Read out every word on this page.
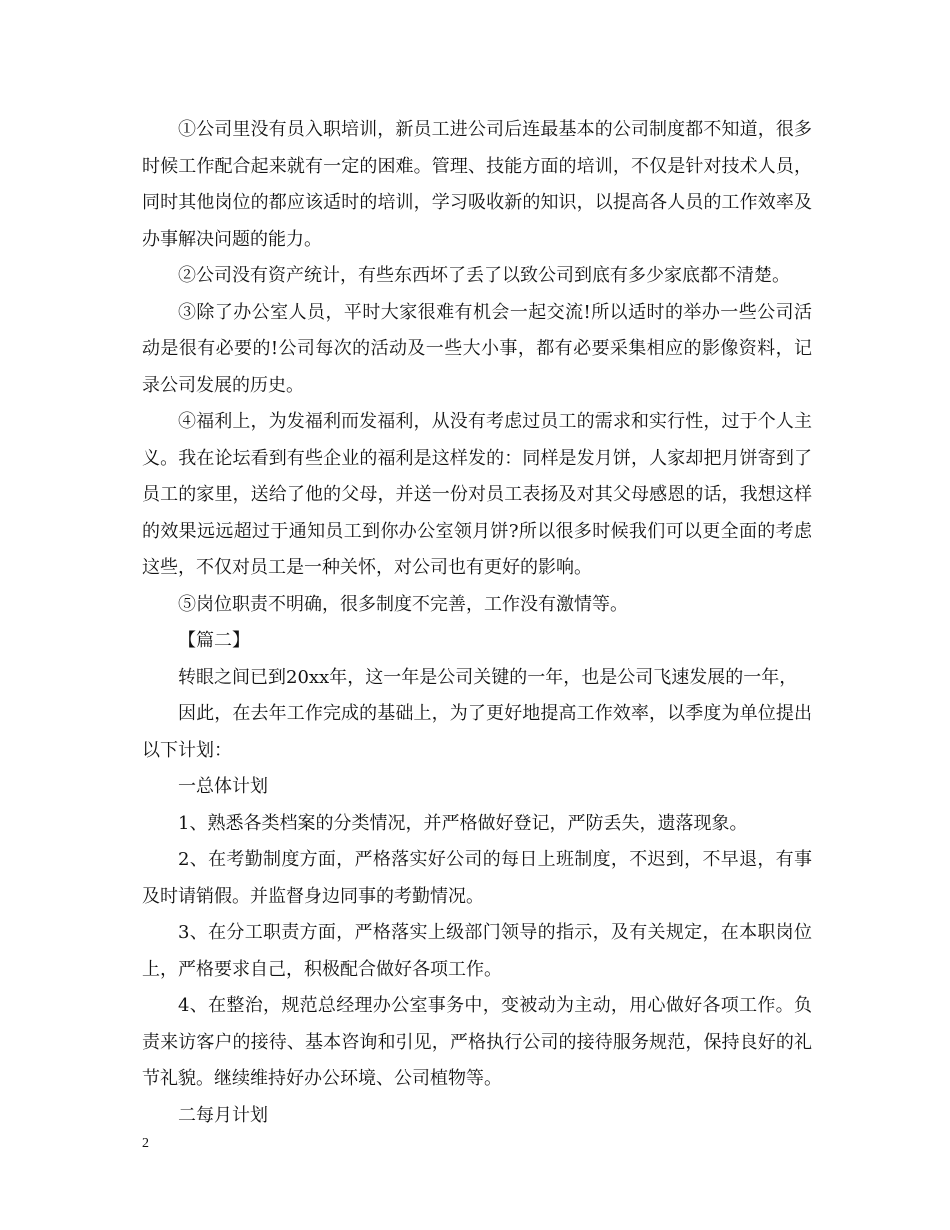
①公司里没有员入职培训，新员工进公司后连最基本的公司制度都不知道，很多时候工作配合起来就有一定的困难。管理、技能方面的培训，不仅是针对技术人员，同时其他岗位的都应该适时的培训，学习吸收新的知识，以提高各人员的工作效率及办事解决问题的能力。

②公司没有资产统计，有些东西坏了丢了以致公司到底有多少家底都不清楚。

③除了办公室人员，平时大家很难有机会一起交流!所以适时的举办一些公司活动是很有必要的!公司每次的活动及一些大小事，都有必要采集相应的影像资料，记录公司发展的历史。

④福利上，为发福利而发福利，从没有考虑过员工的需求和实行性，过于个人主义。我在论坛看到有些企业的福利是这样发的：同样是发月饼，人家却把月饼寄到了员工的家里，送给了他的父母，并送一份对员工表扬及对其父母感恩的话，我想这样的效果远远超过于通知员工到你办公室领月饼?所以很多时候我们可以更全面的考虑这些，不仅对员工是一种关怀，对公司也有更好的影响。

⑤岗位职责不明确，很多制度不完善，工作没有激情等。

【篇二】

转眼之间已到20xx年，这一年是公司关键的一年，也是公司飞速发展的一年，

因此，在去年工作完成的基础上，为了更好地提高工作效率，以季度为单位提出以下计划：

一总体计划

1、熟悉各类档案的分类情况，并严格做好登记，严防丢失，遗落现象。

2、在考勤制度方面，严格落实好公司的每日上班制度，不迟到，不早退，有事及时请销假。并监督身边同事的考勤情况。

3、在分工职责方面，严格落实上级部门领导的指示，及有关规定，在本职岗位上，严格要求自己，积极配合做好各项工作。

4、在整治，规范总经理办公室事务中，变被动为主动，用心做好各项工作。负责来访客户的接待、基本咨询和引见，严格执行公司的接待服务规范，保持良好的礼节礼貌。继续维持好办公环境、公司植物等。

二每月计划

2
